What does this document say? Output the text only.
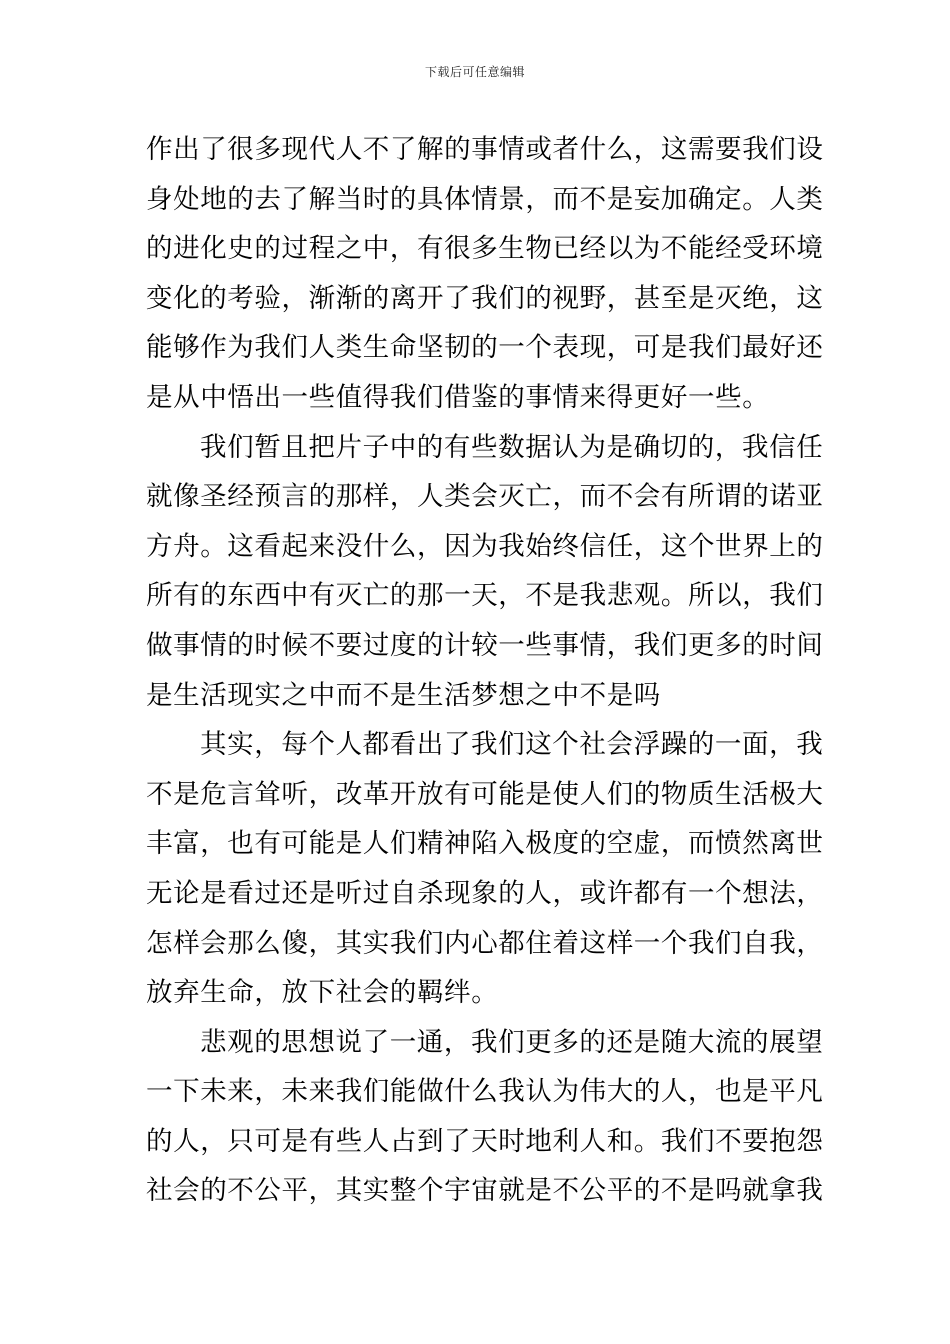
下载后可任意编辑
作出了很多现代人不了解的事情或者什么，这需要我们设
身处地的去了解当时的具体情景，而不是妄加确定。人类
的进化史的过程之中，有很多生物已经以为不能经受环境
变化的考验，渐渐的离开了我们的视野，甚至是灭绝，这
能够作为我们人类生命坚韧的一个表现，可是我们最好还
是从中悟出一些值得我们借鉴的事情来得更好一些。
我们暂且把片子中的有些数据认为是确切的，我信任
就像圣经预言的那样，人类会灭亡，而不会有所谓的诺亚
方舟。这看起来没什么，因为我始终信任，这个世界上的
所有的东西中有灭亡的那一天，不是我悲观。所以，我们
做事情的时候不要过度的计较一些事情，我们更多的时间
是生活现实之中而不是生活梦想之中不是吗
其实，每个人都看出了我们这个社会浮躁的一面，我
不是危言耸听，改革开放有可能是使人们的物质生活极大
丰富，也有可能是人们精神陷入极度的空虚，而愤然离世
无论是看过还是听过自杀现象的人，或许都有一个想法，
怎样会那么傻，其实我们内心都住着这样一个我们自我，
放弃生命，放下社会的羁绊。
悲观的思想说了一通，我们更多的还是随大流的展望
一下未来，未来我们能做什么我认为伟大的人，也是平凡
的人，只可是有些人占到了天时地利人和。我们不要抱怨
社会的不公平，其实整个宇宙就是不公平的不是吗就拿我
